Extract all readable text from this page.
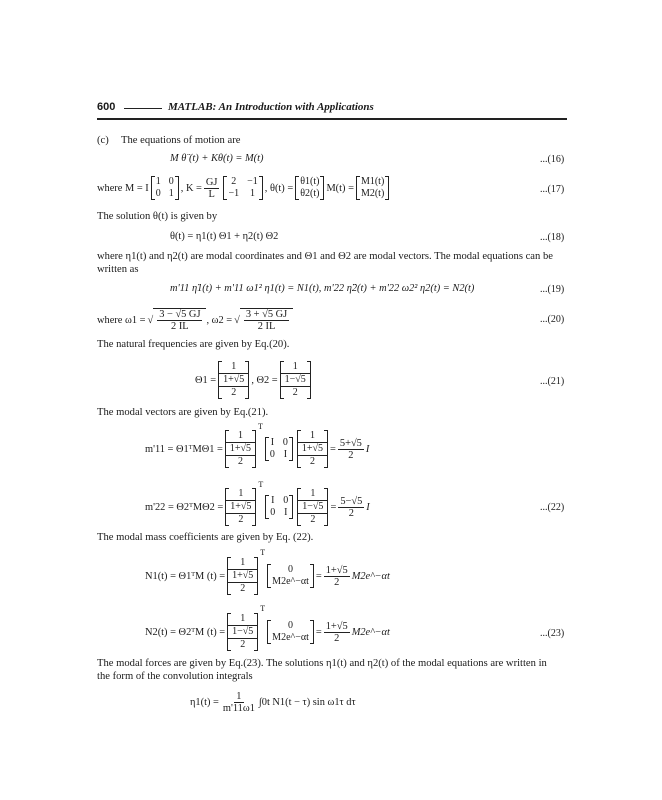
600	MATLAB: An Introduction with Applications
(c) The equations of motion are
M θ̈ (t) + Kθ(t) = M(t)	...(16)
where M = I
1	0
0	1 , $K = \frac{GJ}{L} 2$	−1
−1	1 , θ(t) =
θ1(t)
θ2(t) M(t) =
M1(t)
M2(t)	...(17)
The solution θ(t) is given by
θ(t) = η1(t) Θ1 + η2(t) Θ2	...(18)
where η1(t) and η2(t) are modal coordinates and Θ1 and Θ2 are modal vectors. The modal equations can be
written as
m'11 η̈1(t) + m'11 ω1² η1(t) = N1(t), m'22 η̈2(t) + m'22 ω2² η2(t) = N2(t)	...(19)
where ω1 = √ $\frac{3 - √5 GJ}{2 IL}$ , ω2 = √ $\frac{3 + √5 GJ}{2 IL}$	...(20)
The natural frequencies are given by Eq.(20).
Θ1 =
1
1+√5
2
, Θ2 =
1
1−√5
2
...(21)
The modal vectors are given by Eq.(21).
m'11 = Θ1ᵀMΘ1 =
1
1+√5
2
$^T$
I	0
0	I
1
1+√5
2
= $\frac{5+√5}{2}$ I
m'22 = Θ2ᵀMΘ2 =
1
1+√5
2
$^T$
I	0
0	I
1
1−√5
2
= $\frac{5-√5}{2}$ I	...(22)
The modal mass coefficients are given by Eq. (22).
N1(t) = Θ1ᵀM (t) =
1
1+√5
2
T
0
M2e^−αt = $\frac{1+√5}{2}$ M2e^−αt
N2(t) = Θ2ᵀM (t) =
1
1−√5
2
T
0
M2e^−αt = $\frac{1+√5}{2}$ M2e^−αt	...(23)
The modal forces are given by Eq.(23). The solutions η1(t) and η2(t) of the modal equations are written in
the form of the convolution integrals
$\eta 1(t) = \frac{1}{m'11\omega 1} \int 0t$ N1(t − τ) sin ω1τ dτ
